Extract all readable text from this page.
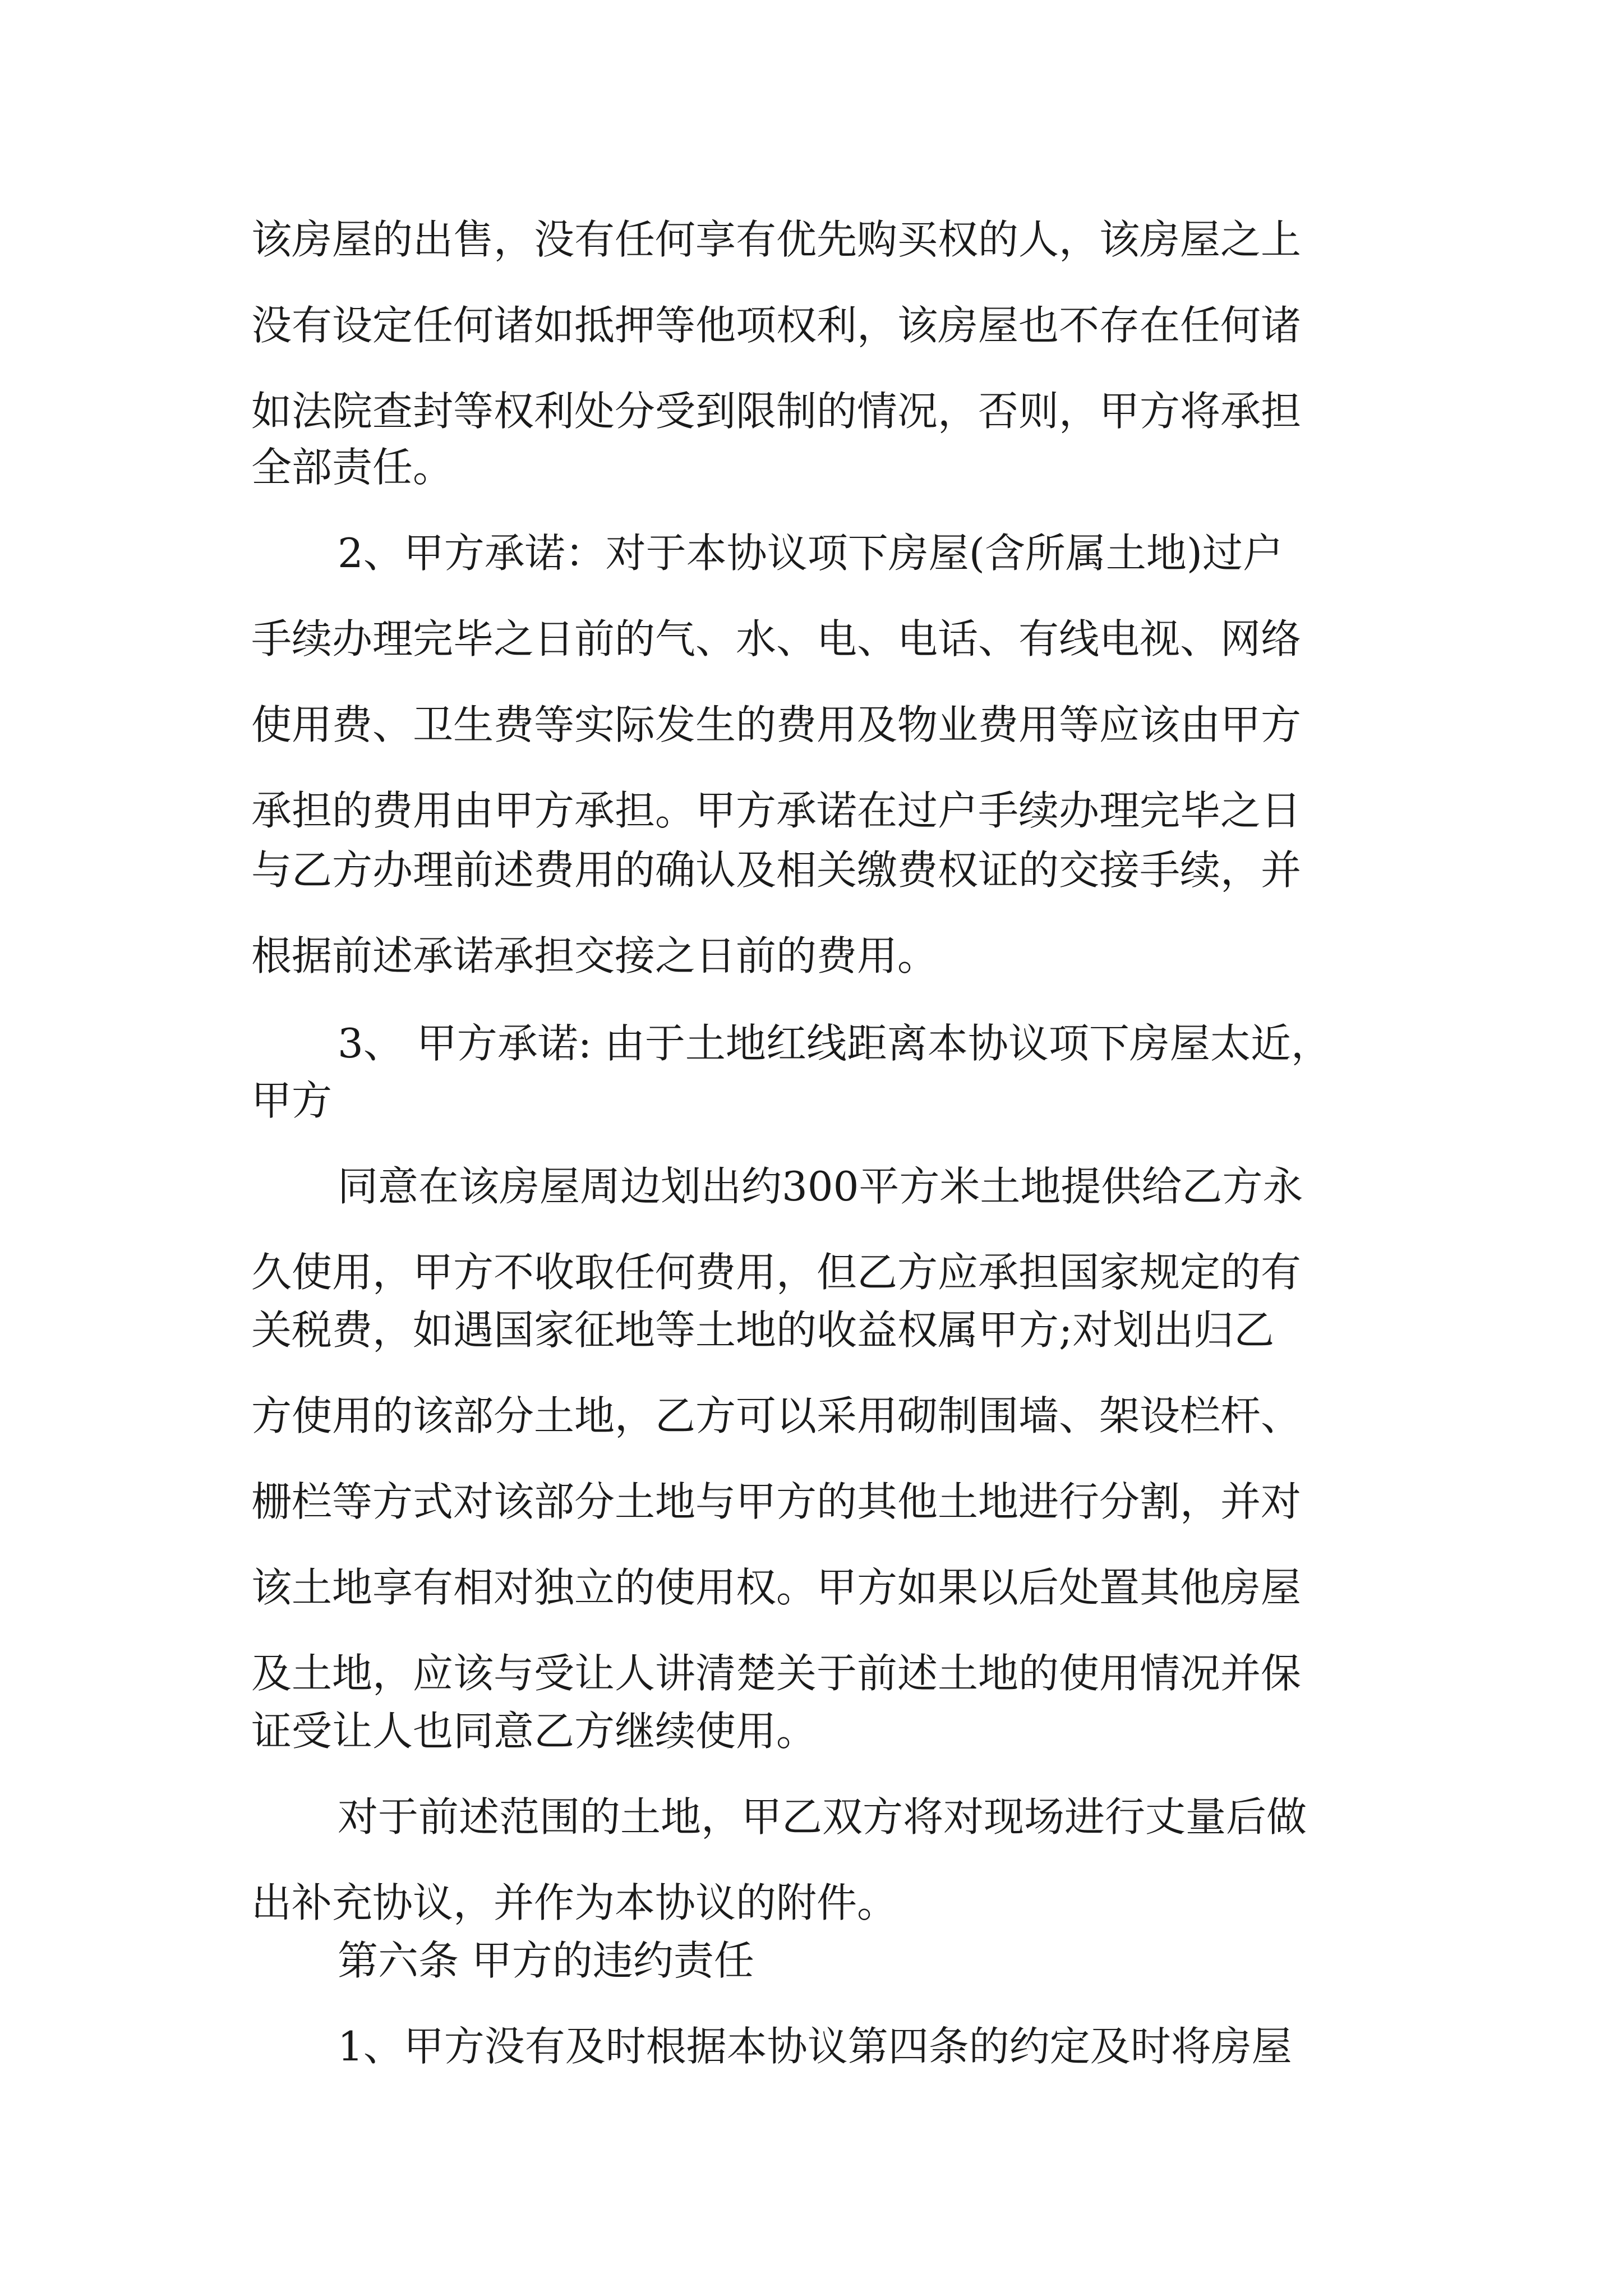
该房屋的出售，没有任何享有优先购买权的人，该房屋之上
没有设定任何诸如抵押等他项权利，该房屋也不存在任何诸
如法院查封等权利处分受到限制的情况，否则，甲方将承担
全部责任。
2、甲方承诺：对于本协议项下房屋(含所属土地)过户
手续办理完毕之日前的气、水、电、电话、有线电视、网络
使用费、卫生费等实际发生的费用及物业费用等应该由甲方
承担的费用由甲方承担。甲方承诺在过户手续办理完毕之日
与乙方办理前述费用的确认及相关缴费权证的交接手续，并
根据前述承诺承担交接之日前的费用。
3、 甲方承诺: 由于土地红线距离本协议项下房屋太近，
甲方
同意在该房屋周边划出约300平方米土地提供给乙方永
久使用，甲方不收取任何费用，但乙方应承担国家规定的有
关税费，如遇国家征地等土地的收益权属甲方;对划出归乙
方使用的该部分土地，乙方可以采用砌制围墙、架设栏杆、
栅栏等方式对该部分土地与甲方的其他土地进行分割，并对
该土地享有相对独立的使用权。甲方如果以后处置其他房屋
及土地，应该与受让人讲清楚关于前述土地的使用情况并保
证受让人也同意乙方继续使用。
对于前述范围的土地，甲乙双方将对现场进行丈量后做
出补充协议，并作为本协议的附件。
第六条 甲方的违约责任
1、甲方没有及时根据本协议第四条的约定及时将房屋
